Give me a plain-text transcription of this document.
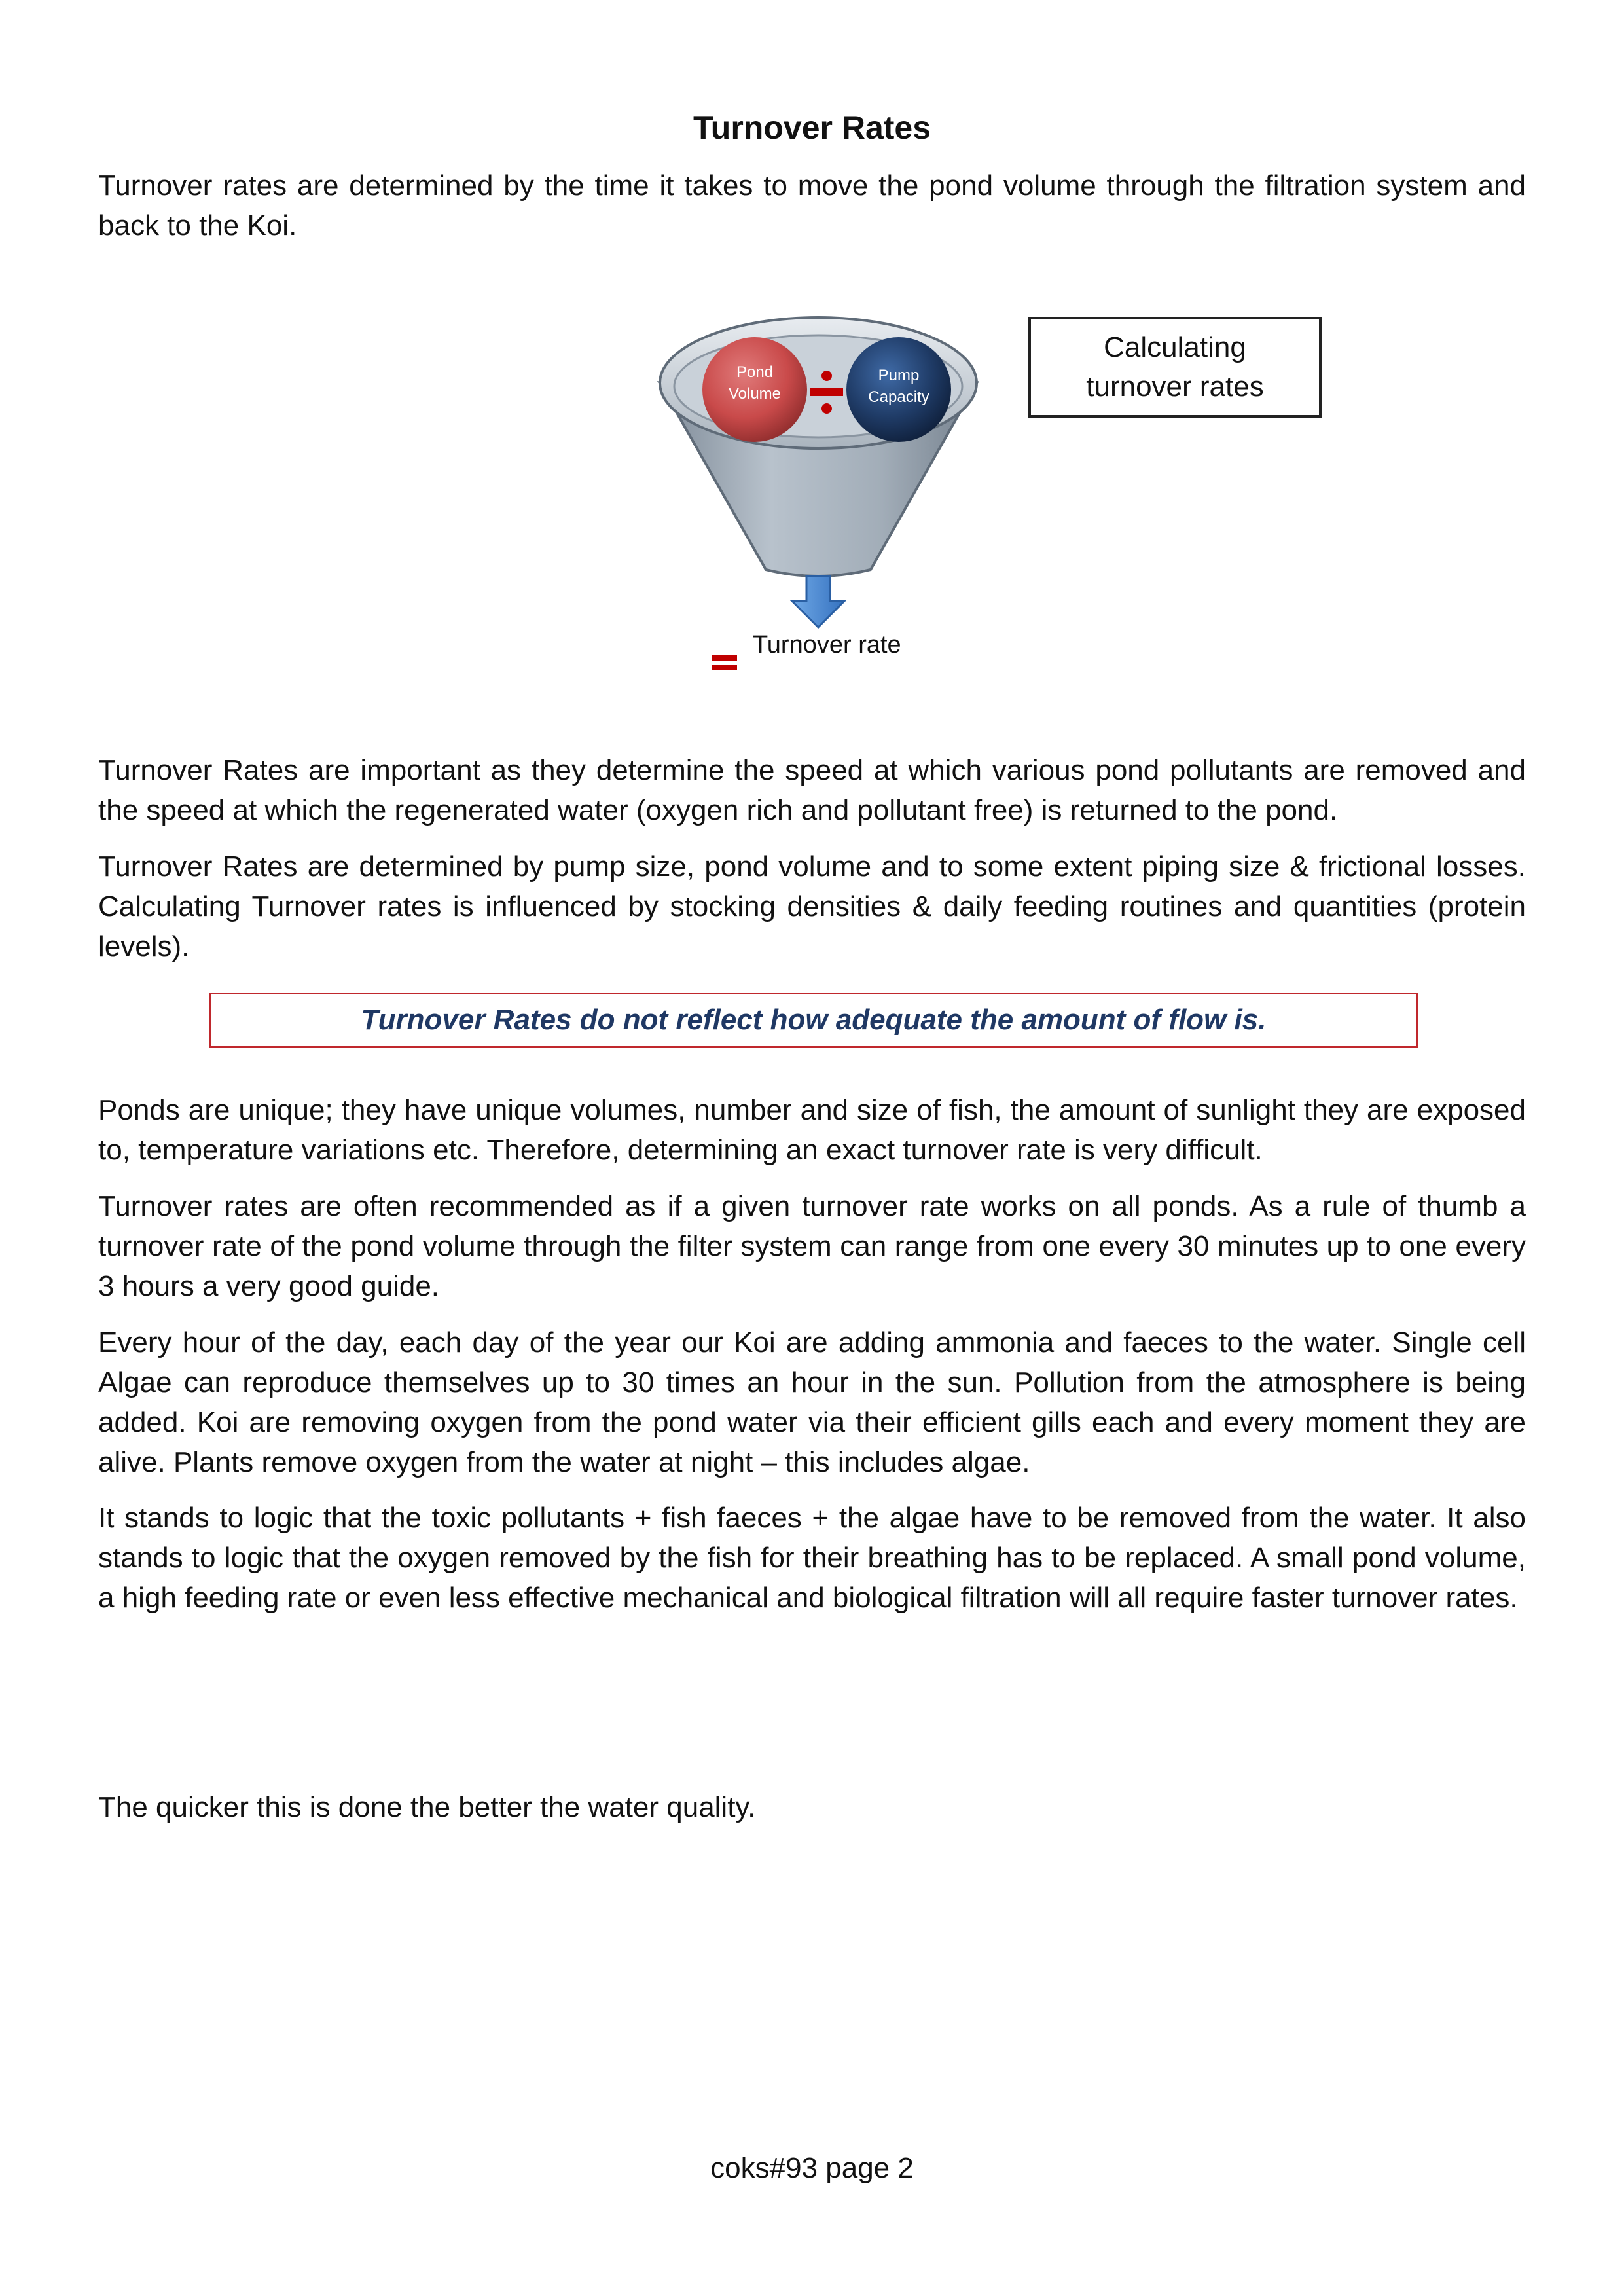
Turnover Rates

Turnover rates are determined by the time it takes to move the pond volume through the filtration system and back to the Koi.

Pond Volume
Pump Capacity
Calculating turnover rates
Turnover rate

Turnover Rates are important as they determine the speed at which various pond pollutants are removed and the speed at which the regenerated water (oxygen rich and pollutant free) is returned to the pond.

Turnover Rates are determined by pump size, pond volume and to some extent piping size & frictional losses. Calculating Turnover rates is influenced by stocking densities & daily feeding routines and quantities (protein levels).

Turnover Rates do not reflect how adequate the amount of flow is.

Ponds are unique; they have unique volumes, number and size of fish, the amount of sunlight they are exposed to, temperature variations etc. Therefore, determining an exact turnover rate is very difficult.

Turnover rates are often recommended as if a given turnover rate works on all ponds. As a rule of thumb a turnover rate of the pond volume through the filter system can range from one every 30 minutes up to one every 3 hours a very good guide.

Every hour of the day, each day of the year our Koi are adding ammonia and faeces to the water. Single cell Algae can reproduce themselves up to 30 times an hour in the sun. Pollution from the atmosphere is being added. Koi are removing oxygen from the pond water via their efficient gills each and every moment they are alive. Plants remove oxygen from the water at night – this includes algae.

It stands to logic that the toxic pollutants + fish faeces + the algae have to be removed from the water. It also stands to logic that the oxygen removed by the fish for their breathing has to be replaced. A small pond volume, a high feeding rate or even less effective mechanical and biological filtration will all require faster turnover rates.

The quicker this is done the better the water quality.

coks#93 page 2
